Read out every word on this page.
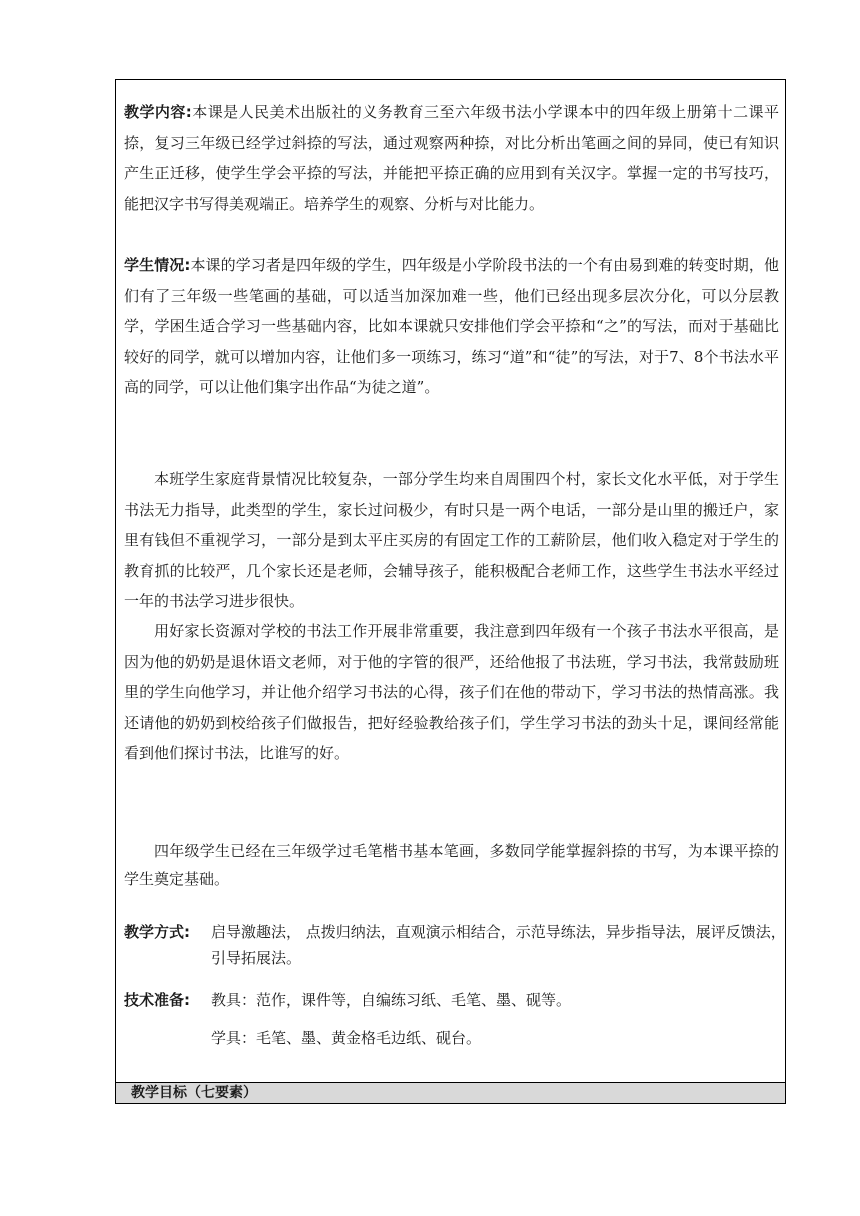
教学内容:本课是人民美术出版社的义务教育三至六年级书法小学课本中的四年级上册第十二课平捺，复习三年级已经学过斜捺的写法，通过观察两种捺，对比分析出笔画之间的异同，使已有知识产生正迁移，使学生学会平捺的写法，并能把平捺正确的应用到有关汉字。掌握一定的书写技巧，能把汉字书写得美观端正。培养学生的观察、分析与对比能力。

学生情况:本课的学习者是四年级的学生，四年级是小学阶段书法的一个有由易到难的转变时期，他们有了三年级一些笔画的基础，可以适当加深加难一些，他们已经出现多层次分化，可以分层教学，学困生适合学习一些基础内容，比如本课就只安排他们学会平捺和“之”的写法，而对于基础比较好的同学，就可以增加内容，让他们多一项练习，练习“道”和“徒”的写法，对于7、8个书法水平高的同学，可以让他们集字出作品“为徒之道”。

本班学生家庭背景情况比较复杂，一部分学生均来自周围四个村，家长文化水平低，对于学生书法无力指导，此类型的学生，家长过问极少，有时只是一两个电话，一部分是山里的搬迁户，家里有钱但不重视学习，一部分是到太平庄买房的有固定工作的工薪阶层，他们收入稳定对于学生的教育抓的比较严，几个家长还是老师，会辅导孩子，能积极配合老师工作，这些学生书法水平经过一年的书法学习进步很快。

用好家长资源对学校的书法工作开展非常重要，我注意到四年级有一个孩子书法水平很高，是因为他的奶奶是退休语文老师，对于他的字管的很严，还给他报了书法班，学习书法，我常鼓励班里的学生向他学习，并让他介绍学习书法的心得，孩子们在他的带动下，学习书法的热情高涨。我还请他的奶奶到校给孩子们做报告，把好经验教给孩子们，学生学习书法的劲头十足，课间经常能看到他们探讨书法，比谁写的好。

四年级学生已经在三年级学过毛笔楷书基本笔画，多数同学能掌握斜捺的书写，为本课平捺的学生奠定基础。

教学方式: 启导激趣法， 点拨归纳法，直观演示相结合，示范导练法，异步指导法，展评反馈法，引导拓展法。
技术准备: 教具：范作，课件等，自编练习纸、毛笔、墨、砚等。
学具：毛笔、墨、黄金格毛边纸、砚台。
教学目标（七要素）
